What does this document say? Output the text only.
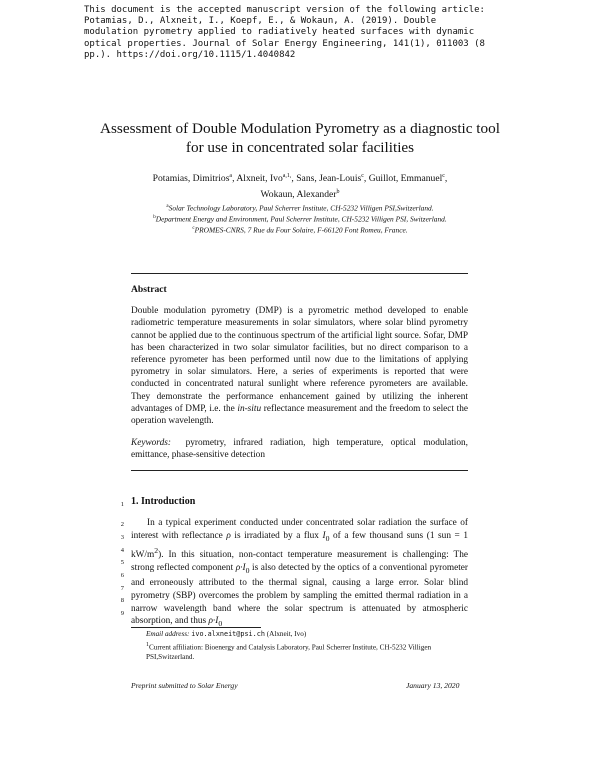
This document is the accepted manuscript version of the following article:
Potamias, D., Alxneit, I., Koepf, E., & Wokaun, A. (2019). Double
modulation pyrometry applied to radiatively heated surfaces with dynamic
optical properties. Journal of Solar Energy Engineering, 141(1), 011003 (8
pp.). https://doi.org/10.1115/1.4040842
Assessment of Double Modulation Pyrometry as a diagnostic tool for use in concentrated solar facilities
Potamias, Dimitrios$^a$, Alxneit, Ivo$^{a,1,}$, Sans, Jean-Louis$^c$, Guillot, Emmanuel$^c$,
Wokaun, Alexander$^b$
$^a$Solar Technology Laboratory, Paul Scherrer Institute, CH-5232 Villigen PSI,Switzerland.
$^b$Department Energy and Environment, Paul Scherrer Institute, CH-5232 Villigen PSI, Switzerland.
$^c$PROMES-CNRS, 7 Rue du Four Solaire, F-66120 Font Romeu, France.
Abstract

Double modulation pyrometry (DMP) is a pyrometric method developed to enable radiometric temperature measurements in solar simulators, where solar blind pyrometry cannot be applied due to the continuous spectrum of the artificial light source. Sofar, DMP has been characterized in two solar simulator facilities, but no direct comparison to a reference pyrometer has been performed until now due to the limitations of applying pyrometry in solar simulators. Here, a series of experiments is reported that were conducted in concentrated natural sunlight where reference pyrometers are available. They demonstrate the performance enhancement gained by utilizing the inherent advantages of DMP, i.e. the in-situ reflectance measurement and the freedom to select the operation wavelength.

Keywords: pyrometry, infrared radiation, high temperature, optical modulation, emittance, phase-sensitive detection
1
2
3
4
5
6
7
8
9
1. Introduction

In a typical experiment conducted under concentrated solar radiation the surface of interest with reflectance ρ is irradiated by a flux $I_0$ of a few thousand suns (1 sun = 1 $kW/m^2$). In this situation, non-contact temperature measurement is challenging: The strong reflected component $\rho\cdot I_0$ is also detected by the optics of a conventional pyrometer and erroneously attributed to the thermal signal, causing a large error. Solar blind pyrometry (SBP) overcomes the problem by sampling the emitted thermal radiation in a narrow wavelength band where the solar spectrum is attenuated by atmospheric absorption, and thus $\rho\cdot I_0$

Email address: ivo.alxneit@psi.ch (Alxneit, Ivo)
$^1$Current affiliation: Bioenergy and Catalysis Laboratory, Paul Scherrer Institute, CH-5232 Villigen PSI,Switzerland.
Preprint submitted to Solar Energy	January 13, 2020
